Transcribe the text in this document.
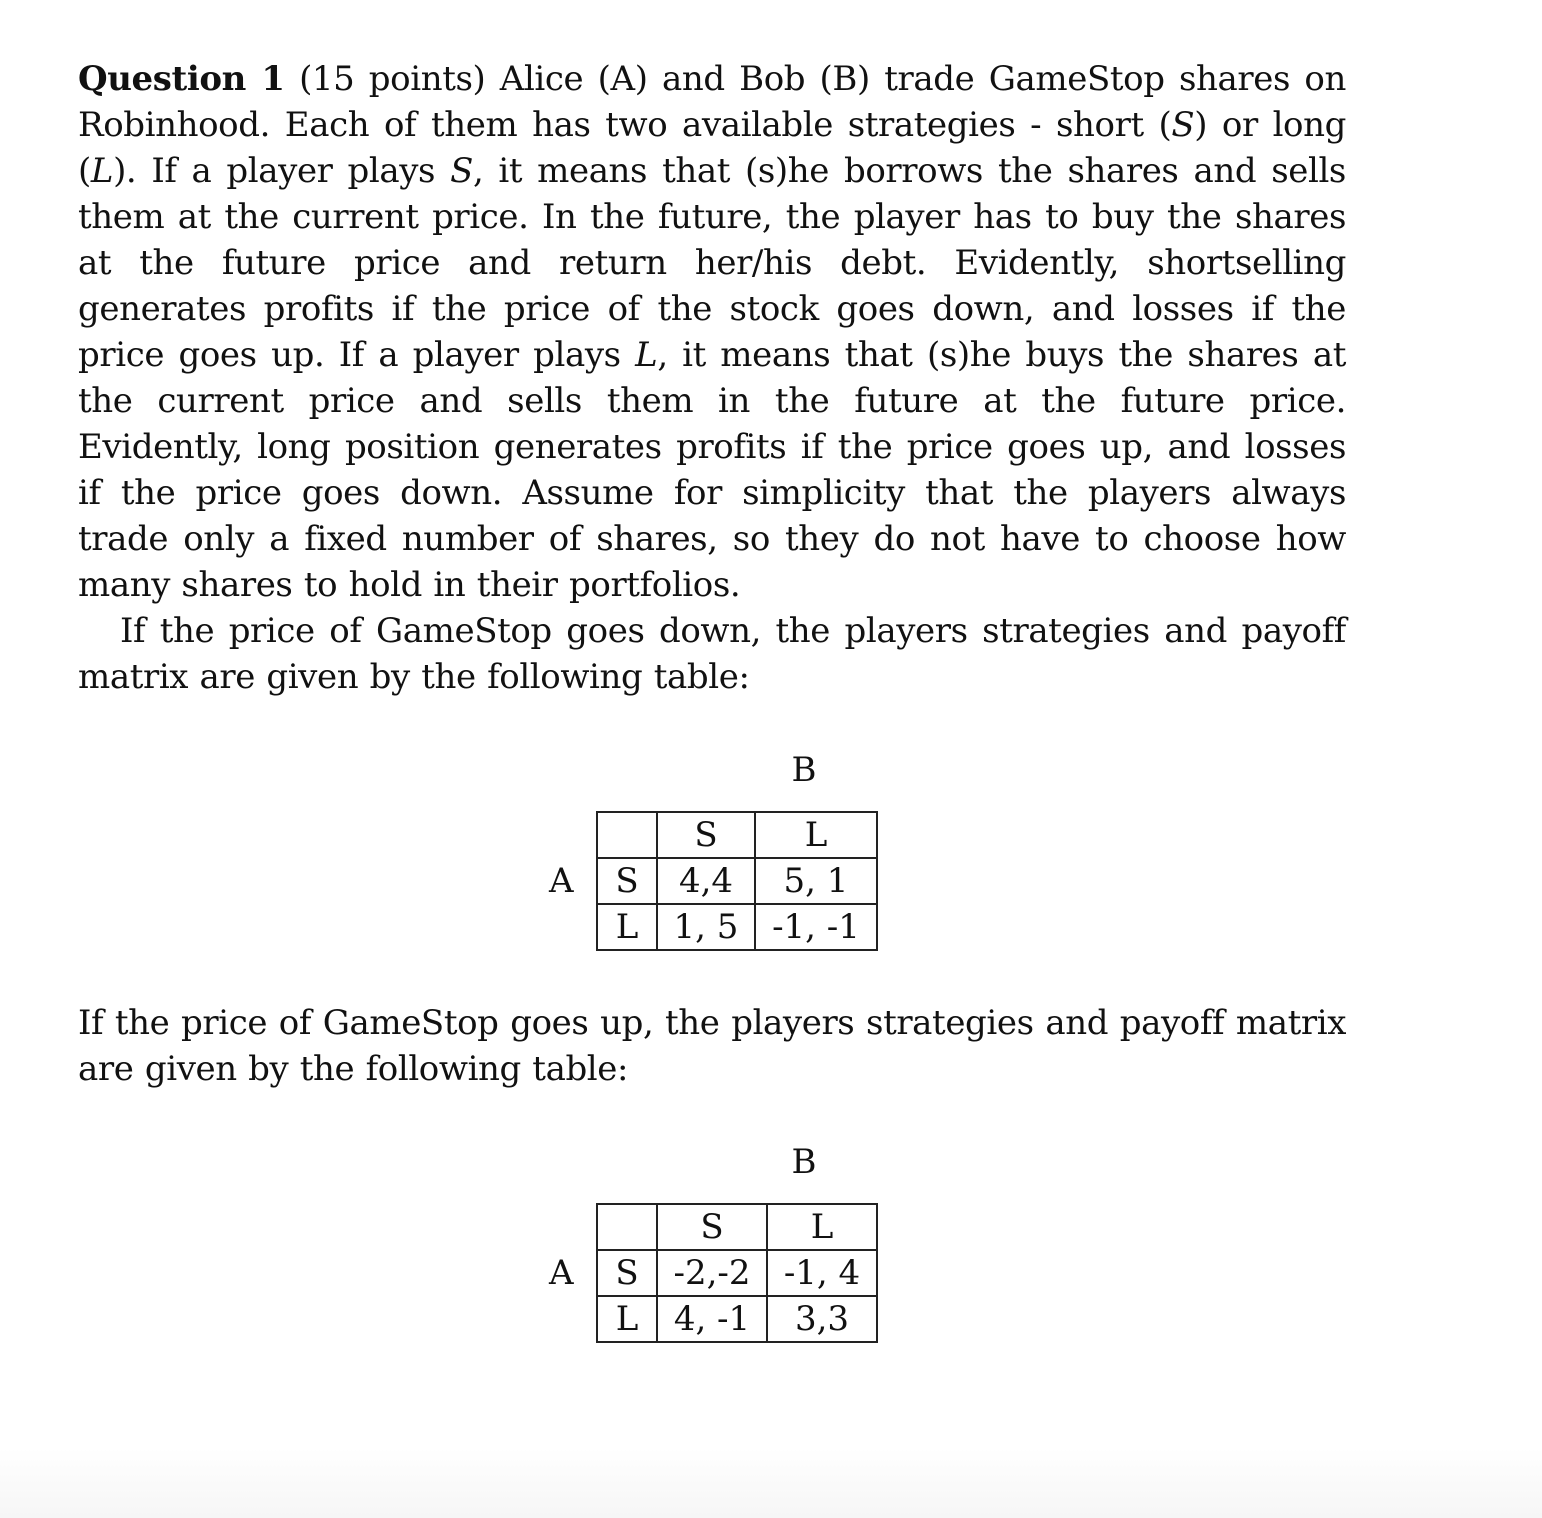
Question 1 (15 points) Alice (A) and Bob (B) trade GameStop shares on Robinhood. Each of them has two available strategies - short (S) or long (L). If a player plays S, it means that (s)he borrows the shares and sells them at the current price. In the future, the player has to buy the shares at the future price and return her/his debt. Evidently, shortselling generates profits if the price of the stock goes down, and losses if the price goes up. If a player plays L, it means that (s)he buys the shares at the current price and sells them in the future at the future price. Evidently, long position generates profits if the price goes up, and losses if the price goes down. Assume for simplicity that the players always trade only a fixed number of shares, so they do not have to choose how many shares to hold in their portfolios.

If the price of GameStop goes down, the players strategies and payoff matrix are given by the following table:

B
A
	S	L
S	4,4	5, 1
L	1, 5	-1, -1

If the price of GameStop goes up, the players strategies and payoff matrix are given by the following table:

B
A
	S	L
S	-2,-2	-1, 4
L	4, -1	3,3
